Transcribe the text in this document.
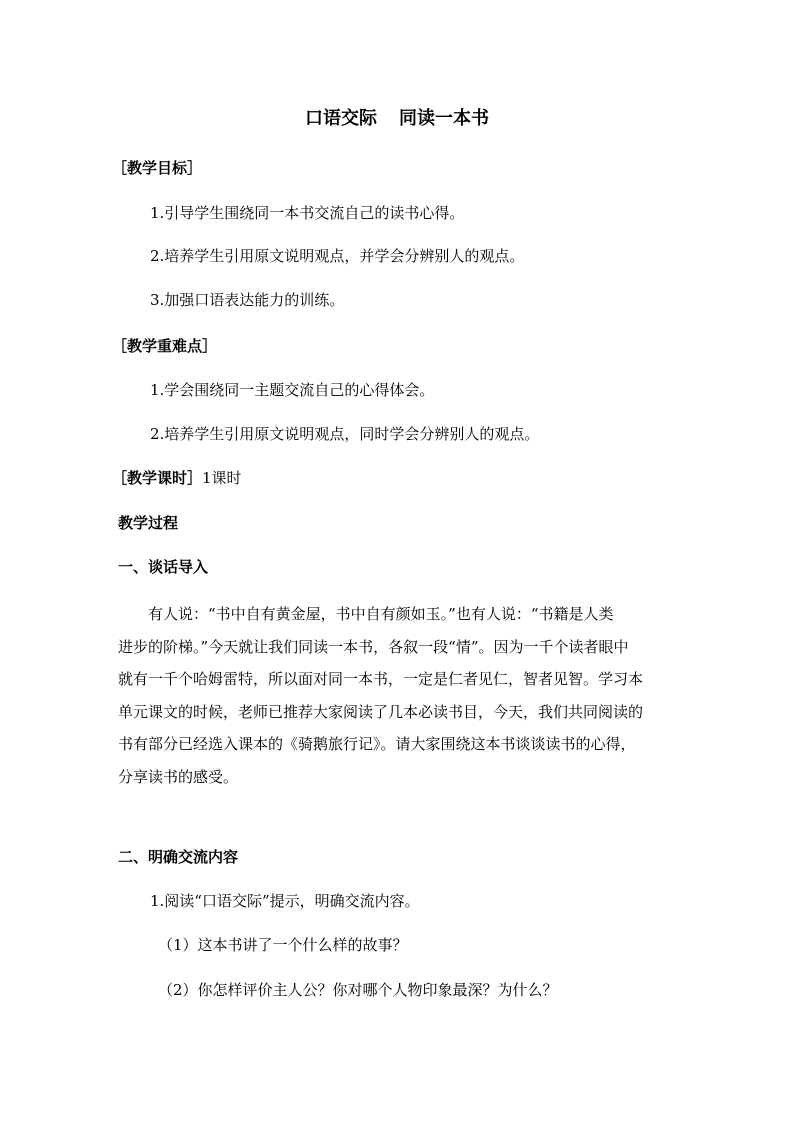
口语交际 同读一本书
［教学目标］
1.引导学生围绕同一本书交流自己的读书心得。
2.培养学生引用原文说明观点，并学会分辨别人的观点。
3.加强口语表达能力的训练。
［教学重难点］
1.学会围绕同一主题交流自己的心得体会。
2.培养学生引用原文说明观点，同时学会分辨别人的观点。
［教学课时］1课时
教学过程
一、谈话导入
有人说：“书中自有黄金屋，书中自有颜如玉。”也有人说：“书籍是人类
进步的阶梯。”今天就让我们同读一本书，各叙一段“情”。因为一千个读者眼中
就有一千个哈姆雷特，所以面对同一本书，一定是仁者见仁，智者见智。学习本
单元课文的时候，老师已推荐大家阅读了几本必读书目，今天，我们共同阅读的
书有部分已经选入课本的《骑鹅旅行记》。请大家围绕这本书谈谈读书的心得，
分享读书的感受。
二、明确交流内容
1.阅读“口语交际”提示，明确交流内容。
（1）这本书讲了一个什么样的故事？
（2）你怎样评价主人公？你对哪个人物印象最深？为什么？
